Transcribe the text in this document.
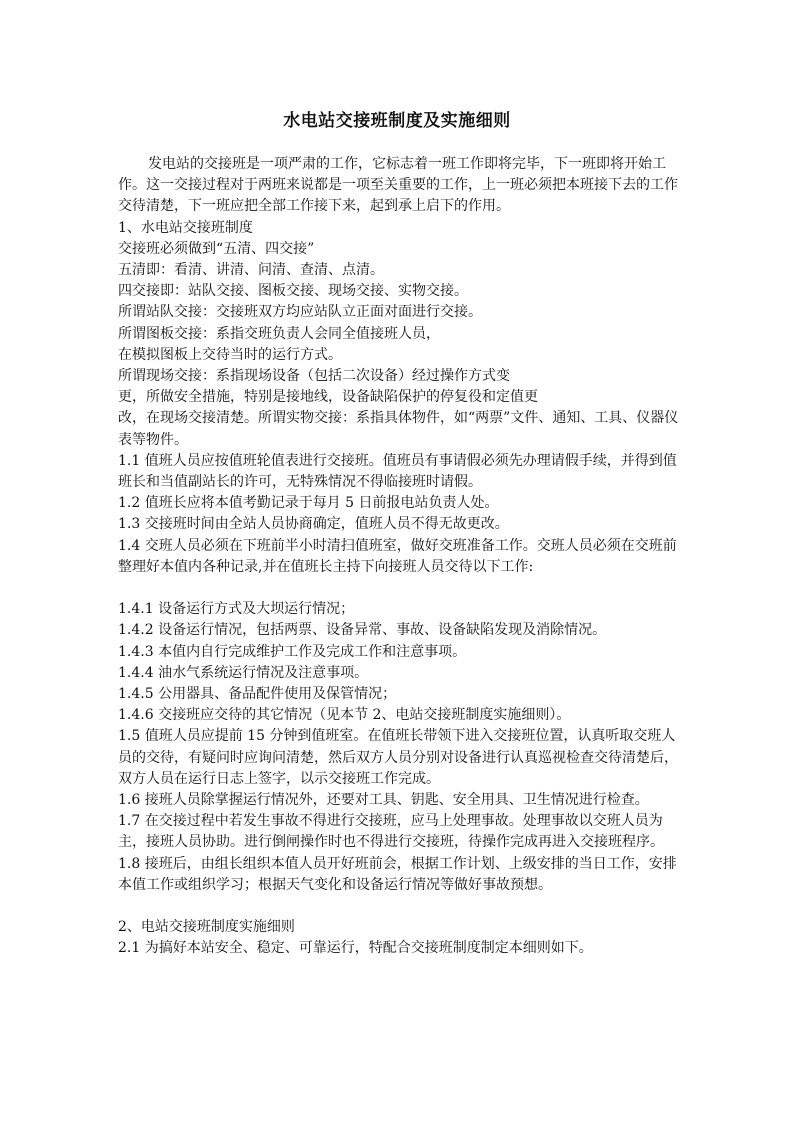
水电站交接班制度及实施细则

发电站的交接班是一项严肃的工作，它标志着一班工作即将完毕，下一班即将开始工作。这一交接过程对于两班来说都是一项至关重要的工作，上一班必须把本班接下去的工作交待清楚，下一班应把全部工作接下来，起到承上启下的作用。

1、水电站交接班制度

交接班必须做到“五清、四交接”

五清即：看清、讲清、问清、查清、点清。

四交接即：站队交接、图板交接、现场交接、实物交接。

所谓站队交接：交接班双方均应站队立正面对面进行交接。

所谓图板交接：系指交班负责人会同全值接班人员，

在模拟图板上交待当时的运行方式。

所谓现场交接：系指现场设备（包括二次设备）经过操作方式变

更，所做安全措施，特别是接地线，设备缺陷保护的停复役和定值更

改，在现场交接清楚。所谓实物交接：系指具体物件，如“两票”文件、通知、工具、仪器仪表等物件。

1.1 值班人员应按值班轮值表进行交接班。值班员有事请假必须先办理请假手续，并得到值班长和当值副站长的许可，无特殊情况不得临接班时请假。

1.2 值班长应将本值考勤记录于每月 5 日前报电站负责人处。

1.3 交接班时间由全站人员协商确定，值班人员不得无故更改。

1.4 交班人员必须在下班前半小时清扫值班室，做好交班准备工作。交班人员必须在交班前整理好本值内各种记录,并在值班长主持下向接班人员交待以下工作:

1.4.1 设备运行方式及大坝运行情况；

1.4.2 设备运行情况，包括两票、设备异常、事故、设备缺陷发现及消除情况。

1.4.3 本值内自行完成维护工作及完成工作和注意事项。

1.4.4 油水气系统运行情况及注意事项。

1.4.5 公用器具、备品配件使用及保管情况；

1.4.6 交接班应交待的其它情况（见本节 2、电站交接班制度实施细则）。

1.5 值班人员应提前 15 分钟到值班室。在值班长带领下进入交接班位置，认真听取交班人员的交待，有疑问时应询问清楚，然后双方人员分别对设备进行认真巡视检查交待清楚后，双方人员在运行日志上签字，以示交接班工作完成。

1.6 接班人员除掌握运行情况外，还要对工具、钥匙、安全用具、卫生情况进行检查。

1.7 在交接过程中若发生事故不得进行交接班，应马上处理事故。处理事故以交班人员为主，接班人员协助。进行倒闸操作时也不得进行交接班，待操作完成再进入交接班程序。

1.8 接班后，由组长组织本值人员开好班前会，根据工作计划、上级安排的当日工作，安排本值工作或组织学习；根据天气变化和设备运行情况等做好事故预想。

2、电站交接班制度实施细则

2.1 为搞好本站安全、稳定、可靠运行，特配合交接班制度制定本细则如下。
